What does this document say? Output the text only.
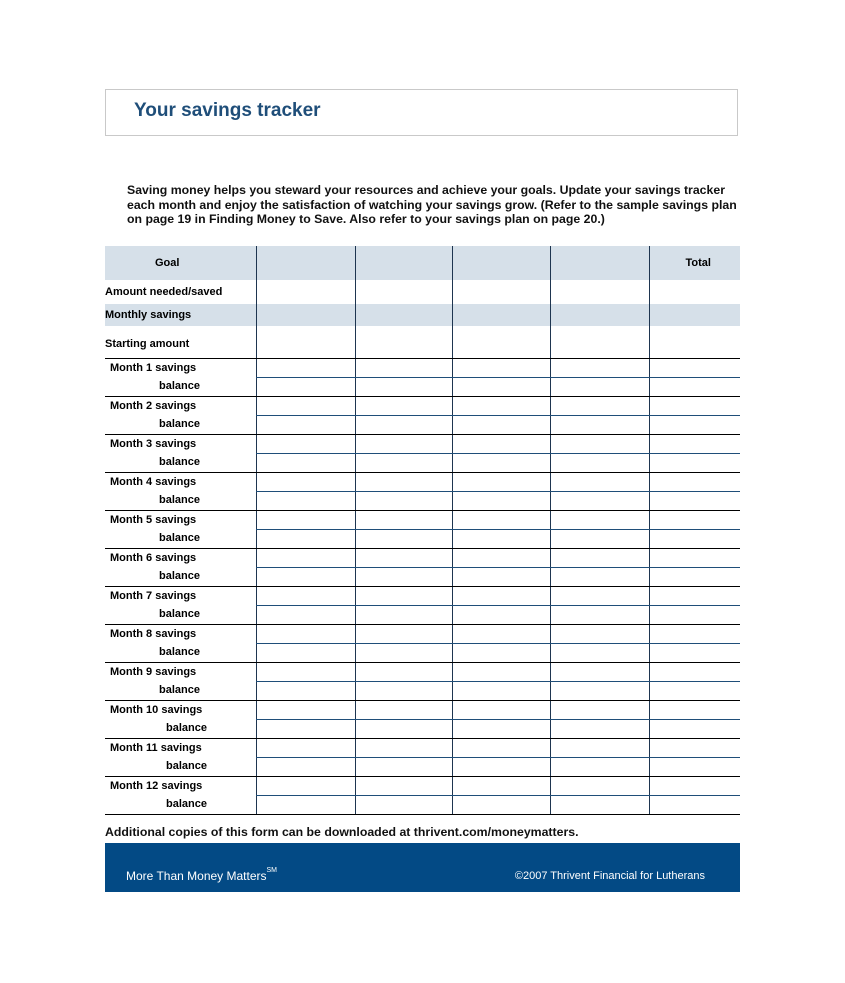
Your savings tracker
Saving money helps you steward your resources and achieve your goals. Update your savings tracker
each month and enjoy the satisfaction of watching your savings grow. (Refer to the sample savings plan
on page 19 in Finding Money to Save. Also refer to your savings plan on page 20.)
Goal					Total
Amount needed/saved					
Monthly savings					
Starting amount					
Month 1 savings					
balance					
Month 2 savings					
balance					
Month 3 savings					
balance					
Month 4 savings					
balance					
Month 5 savings					
balance					
Month 6 savings					
balance					
Month 7 savings					
balance					
Month 8 savings					
balance					
Month 9 savings					
balance					
Month 10 savings					
balance					
Month 11 savings					
balance					
Month 12 savings					
balance					
Additional copies of this form can be downloaded at thrivent.com/moneymatters.
More Than Money Matters℠	©2007 Thrivent Financial for Lutherans
